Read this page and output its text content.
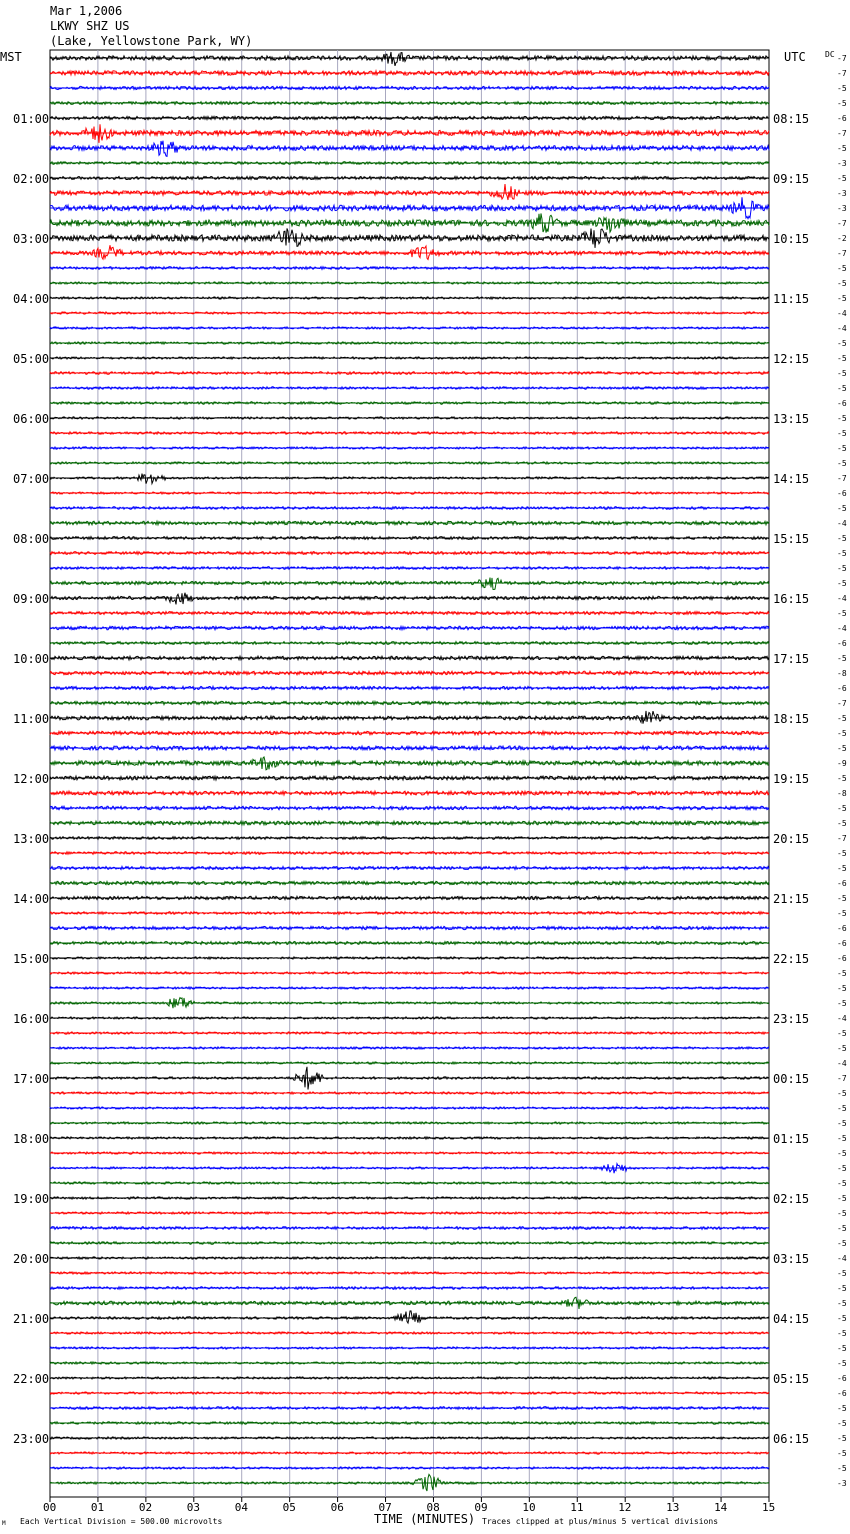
Mar 1,2006
LKWY SHZ US
(Lake, Yellowstone Park, WY)
MST	UTC DC
TIME (MINUTES)
Each Vertical Division = 500.00 microvolts	Traces clipped at plus/minus 5 vertical divisions
M
-7
-7
-5
-5
-6
-7
-5
-3
-5
-3
-3
-7
-2
-7
-5
-5
-5
-4
-4
-5
-5
-5
-5
-6
-5
-5
-5
-5
-7
-6
-5
-4
-5
-5
-5
-5
-4
-5
-4
-6
-5
-8
-6
-7
-5
-5
-5
-9
-5
-8
-5
-5
-7
-5
-5
-6
-5
-5
-6
-6
-6
-5
-5
-5
-4
-5
-5
-4
-7
-5
-5
-5
-5
-5
-5
-5
-5
-5
-5
-5
-4
-5
-5
-5
-5
-5
-5
-5
-6
-6
-5
-5
-5
-5
-5
-3
01:00
02:00
03:00
04:00
05:00
06:00
07:00
08:00
09:00
10:00
11:00
12:00
13:00
14:00
15:00
16:00
17:00
18:00
19:00
20:00
21:00
22:00
23:00
08:15
09:15
10:15
11:15
12:15
13:15
14:15
15:15
16:15
17:15
18:15
19:15
20:15
21:15
22:15
23:15
00:15
01:15
02:15
03:15
04:15
05:15
06:15
00	01	02	03	04	05	06	07	08	09	10	11	12	13	14	15
